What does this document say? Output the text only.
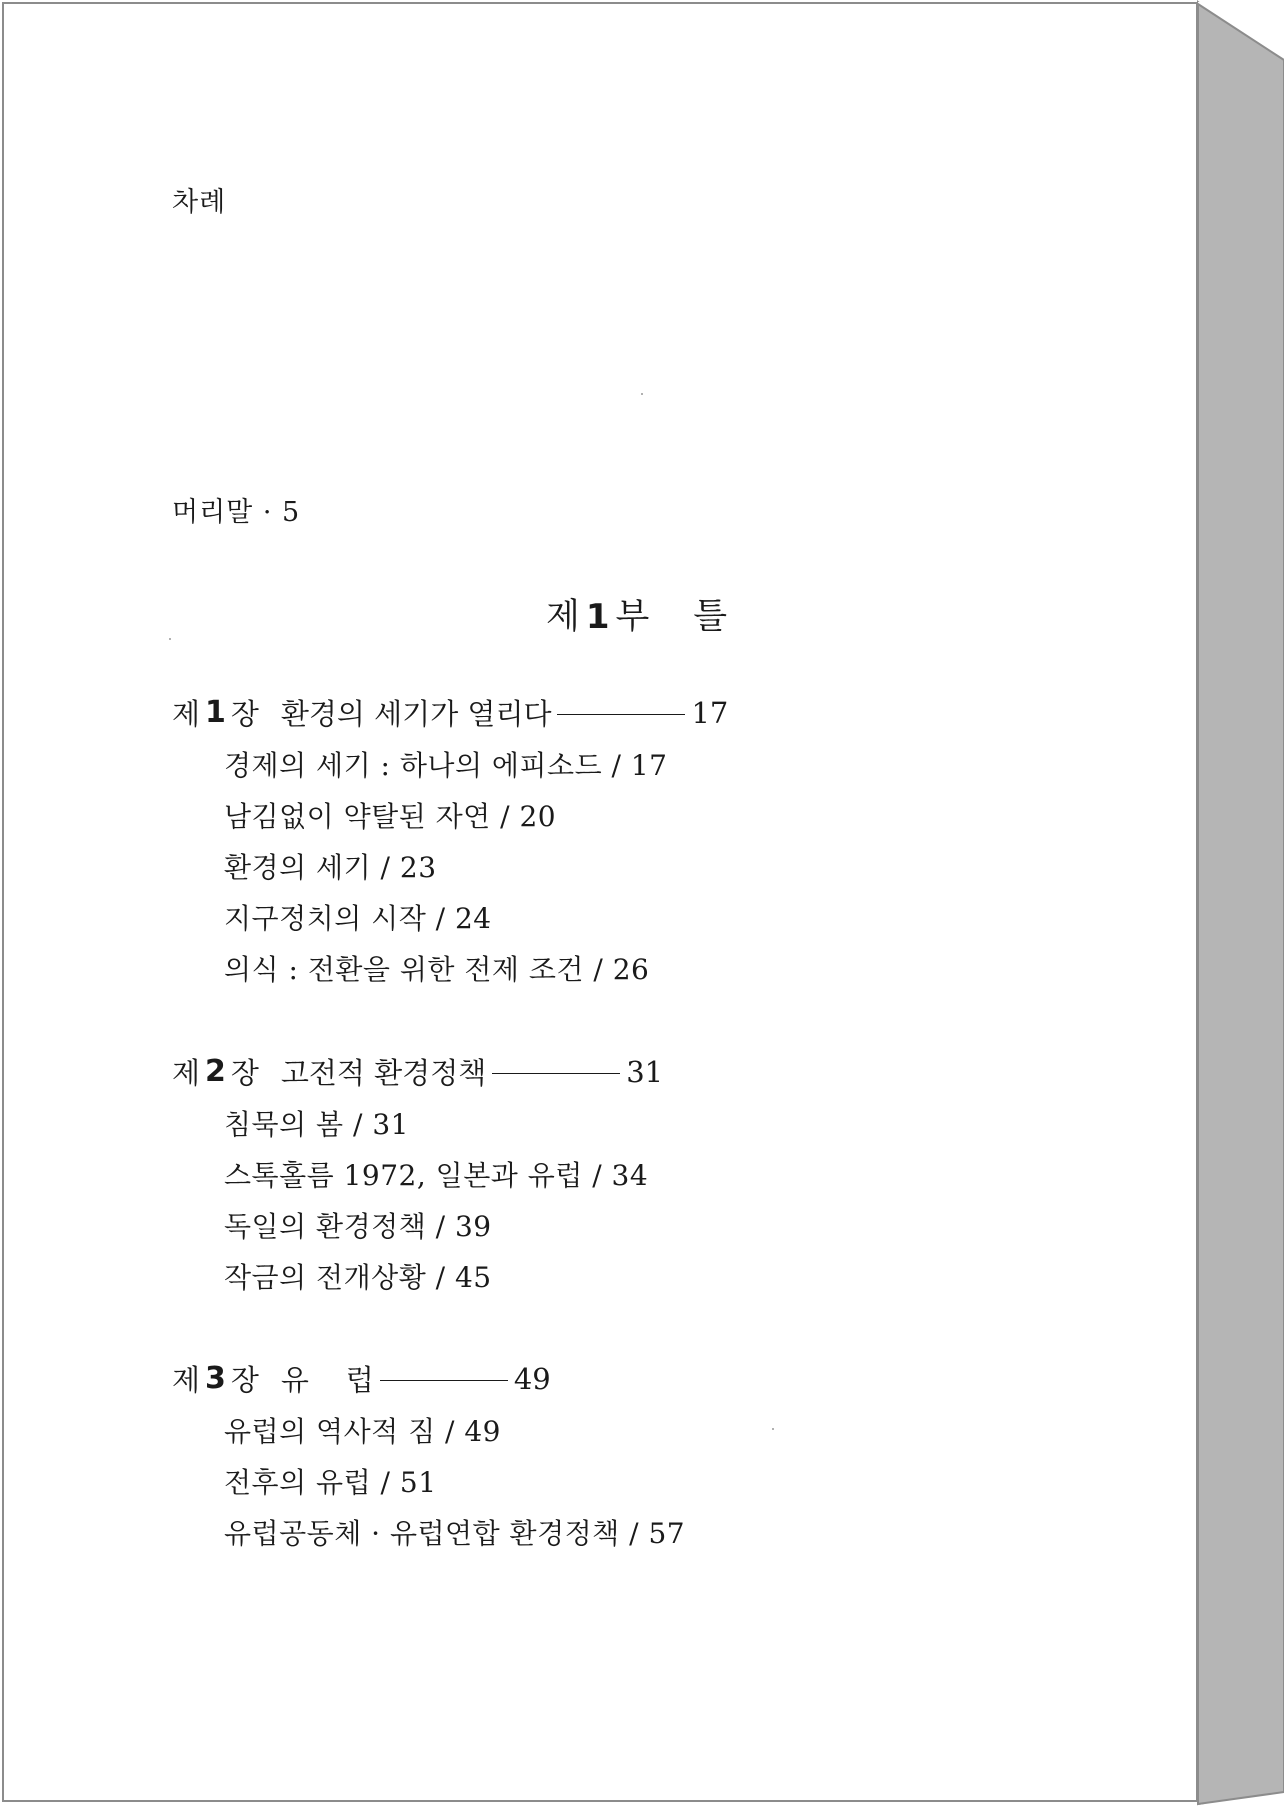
차례
머리말 · 5
제 1 부 틀
제 1 장 환경의 세기가 열리다	17
경제의 세기 : 하나의 에피소드 / 17
남김없이 약탈된 자연 / 20
환경의 세기 / 23
지구정치의 시작 / 24
의식 : 전환을 위한 전제 조건 / 26
제 2 장 고전적 환경정책	31
침묵의 봄 / 31
스톡홀름 1972, 일본과 유럽 / 34
독일의 환경정책 / 39
작금의 전개상황 / 45
제 3 장 유    럽	49
유럽의 역사적 짐 / 49
전후의 유럽 / 51
유럽공동체 · 유럽연합 환경정책 / 57
